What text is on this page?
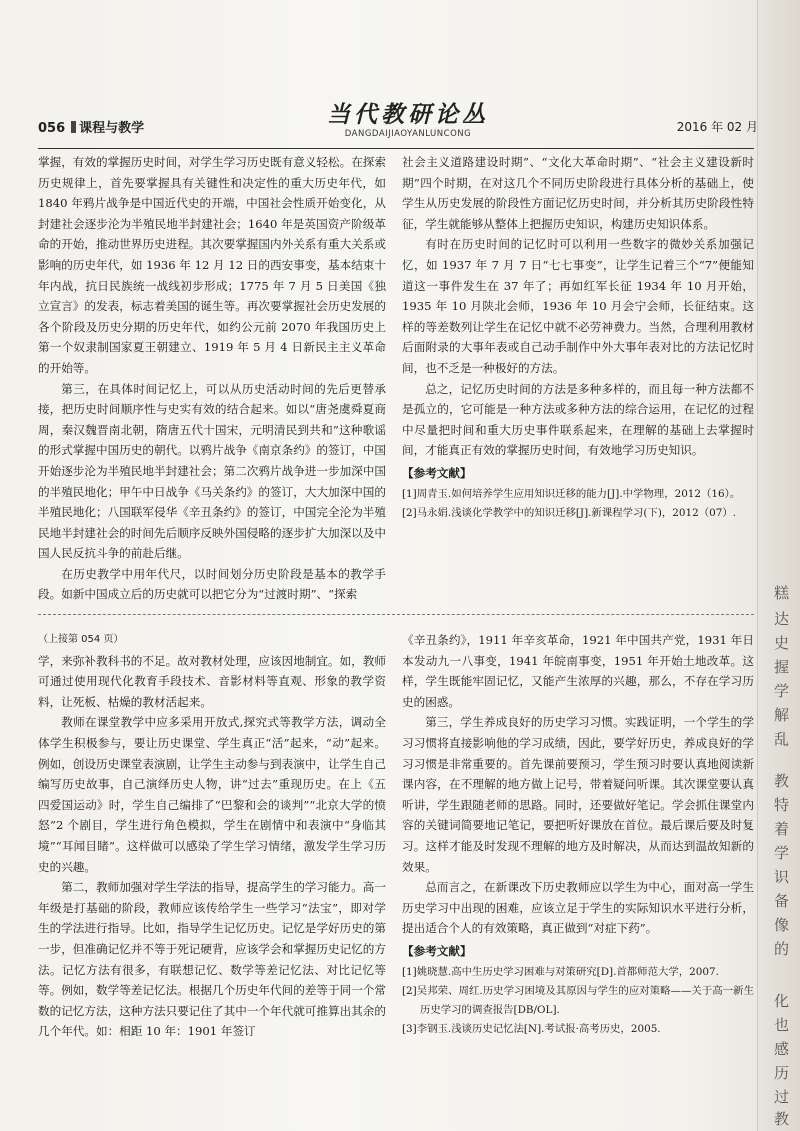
056 课程与教学
当代教研论丛
DANGDAIJIAOYANLUNCONG	2016 年 02 月

掌握，有效的掌握历史时间，对学生学习历史既有意义轻松。在探索历史规律上，首先要掌握具有关键性和决定性的重大历史年代，如 1840 年鸦片战争是中国近代史的开端，中国社会性质开始变化，从封建社会逐步沦为半殖民地半封建社会；1640 年是英国资产阶级革命的开始，推动世界历史进程。其次要掌握国内外关系有重大关系或影响的历史年代，如 1936 年 12 月 12 日的西安事变，基本结束十年内战，抗日民族统一战线初步形成；1775 年 7 月 5 日美国《独立宣言》的发表，标志着美国的诞生等。再次要掌握社会历史发展的各个阶段及历史分期的历史年代，如约公元前 2070 年我国历史上第一个奴隶制国家夏王朝建立、1919 年 5 月 4 日新民主主义革命的开始等。

第三，在具体时间记忆上，可以从历史活动时间的先后更替承接，把历史时间顺序性与史实有效的结合起来。如以“唐尧虞舜夏商周，秦汉魏晋南北朝，隋唐五代十国宋，元明清民到共和”这种歌谣的形式掌握中国历史的朝代。以鸦片战争《南京条约》的签订，中国开始逐步沦为半殖民地半封建社会；第二次鸦片战争进一步加深中国的半殖民地化；甲午中日战争《马关条约》的签订，大大加深中国的半殖民地化；八国联军侵华《辛丑条约》的签订，中国完全沦为半殖民地半封建社会的时间先后顺序反映外国侵略的逐步扩大加深以及中国人民反抗斗争的前赴后继。

在历史教学中用年代尺，以时间划分历史阶段是基本的教学手段。如新中国成立后的历史就可以把它分为“过渡时期”、“探索

社会主义道路建设时期”、“文化大革命时期”、“社会主义建设新时期”四个时期，在对这几个不同历史阶段进行具体分析的基础上，使学生从历史发展的阶段性方面记忆历史时间，并分析其历史阶段性特征，学生就能够从整体上把握历史知识，构建历史知识体系。

有时在历史时间的记忆时可以利用一些数字的微妙关系加强记忆，如 1937 年 7 月 7 日“七七事变”，让学生记着三个“7”便能知道这一事件发生在 37 年了；再如红军长征 1934 年 10 月开始，1935 年 10 月陕北会师，1936 年 10 月会宁会师，长征结束。这样的等差数列让学生在记忆中就不必劳神费力。当然，合理利用教材后面附录的大事年表或自己动手制作中外大事年表对比的方法记忆时间，也不乏是一种极好的方法。

总之，记忆历史时间的方法是多种多样的，而且每一种方法都不是孤立的，它可能是一种方法或多种方法的综合运用，在记忆的过程中尽量把时间和重大历史事件联系起来，在理解的基础上去掌握时间，才能真正有效的掌握历史时间，有效地学习历史知识。

【参考文献】

[1]周青玉.如何培养学生应用知识迁移的能力[J].中学物理，2012（16）。

[2]马永娟.浅谈化学教学中的知识迁移[J].新课程学习(下)，2012（07）.

（上接第 054 页）

学，来弥补教科书的不足。故对教材处理，应该因地制宜。如，教师可通过使用现代化教育手段技术、音影材料等直观、形象的教学资料，让死板、枯燥的教材活起来。

教师在课堂教学中应多采用开放式,探究式等教学方法，调动全体学生积极参与，要让历史课堂、学生真正“活”起来，“动”起来。例如，创设历史课堂表演剧，让学生主动参与到表演中，让学生自己编写历史故事，自己演绎历史人物，讲“过去”重现历史。在上《五四爱国运动》时，学生自己编排了“巴黎和会的谈判”“北京大学的愤怒”2 个剧目，学生进行角色模拟，学生在剧情中和表演中“身临其境”“耳闻目睹”。这样做可以感染了学生学习情绪，激发学生学习历史的兴趣。

第二，教师加强对学生学法的指导，提高学生的学习能力。高一年级是打基础的阶段，教师应该传给学生一些学习“法宝”，即对学生的学法进行指导。比如，指导学生记忆历史。记忆是学好历史的第一步，但准确记忆并不等于死记硬背，应该学会和掌握历史记忆的方法。记忆方法有很多，有联想记忆、数学等差记忆法、对比记忆等等。例如，数学等差记忆法。根据几个历史年代间的差等于同一个常数的记忆方法，这种方法只要记住了其中一个年代就可推算出其余的几个年代。如：相距 10 年：1901 年签订

《辛丑条约》，1911 年辛亥革命，1921 年中国共产党，1931 年日本发动九一八事变，1941 年皖南事变，1951 年开始土地改革。这样，学生既能牢固记忆，又能产生浓厚的兴趣，那么，不存在学习历史的困惑。

第三，学生养成良好的历史学习习惯。实践证明，一个学生的学习习惯将直接影响他的学习成绩，因此，要学好历史，养成良好的学习习惯是非常重要的。首先课前要预习，学生预习时要认真地阅读新课内容，在不理解的地方做上记号，带着疑问听课。其次课堂要认真听讲，学生跟随老师的思路。同时，还要做好笔记。学会抓住课堂内容的关键词简要地记笔记，要把听好课放在首位。最后课后要及时复习。这样才能及时发现不理解的地方及时解决，从而达到温故知新的效果。

总而言之，在新课改下历史教师应以学生为中心，面对高一学生历史学习中出现的困难，应该立足于学生的实际知识水平进行分析，提出适合个人的有效策略，真正做到“对症下药”。

【参考文献】

[1]姚晓慧.高中生历史学习困难与对策研究[D].首都师范大学，2007.

[2]吴邦荣、周红.历史学习困境及其原因与学生的应对策略——关于高一新生历史学习的调查报告[DB/OL].

[3]李钢玉.浅谈历史记忆法[N].考试报·高考历史，2005.

糕
达
史
握
学
解
乱
教
特
着
学
识
备
像
的
化
也
感
历
过
教
